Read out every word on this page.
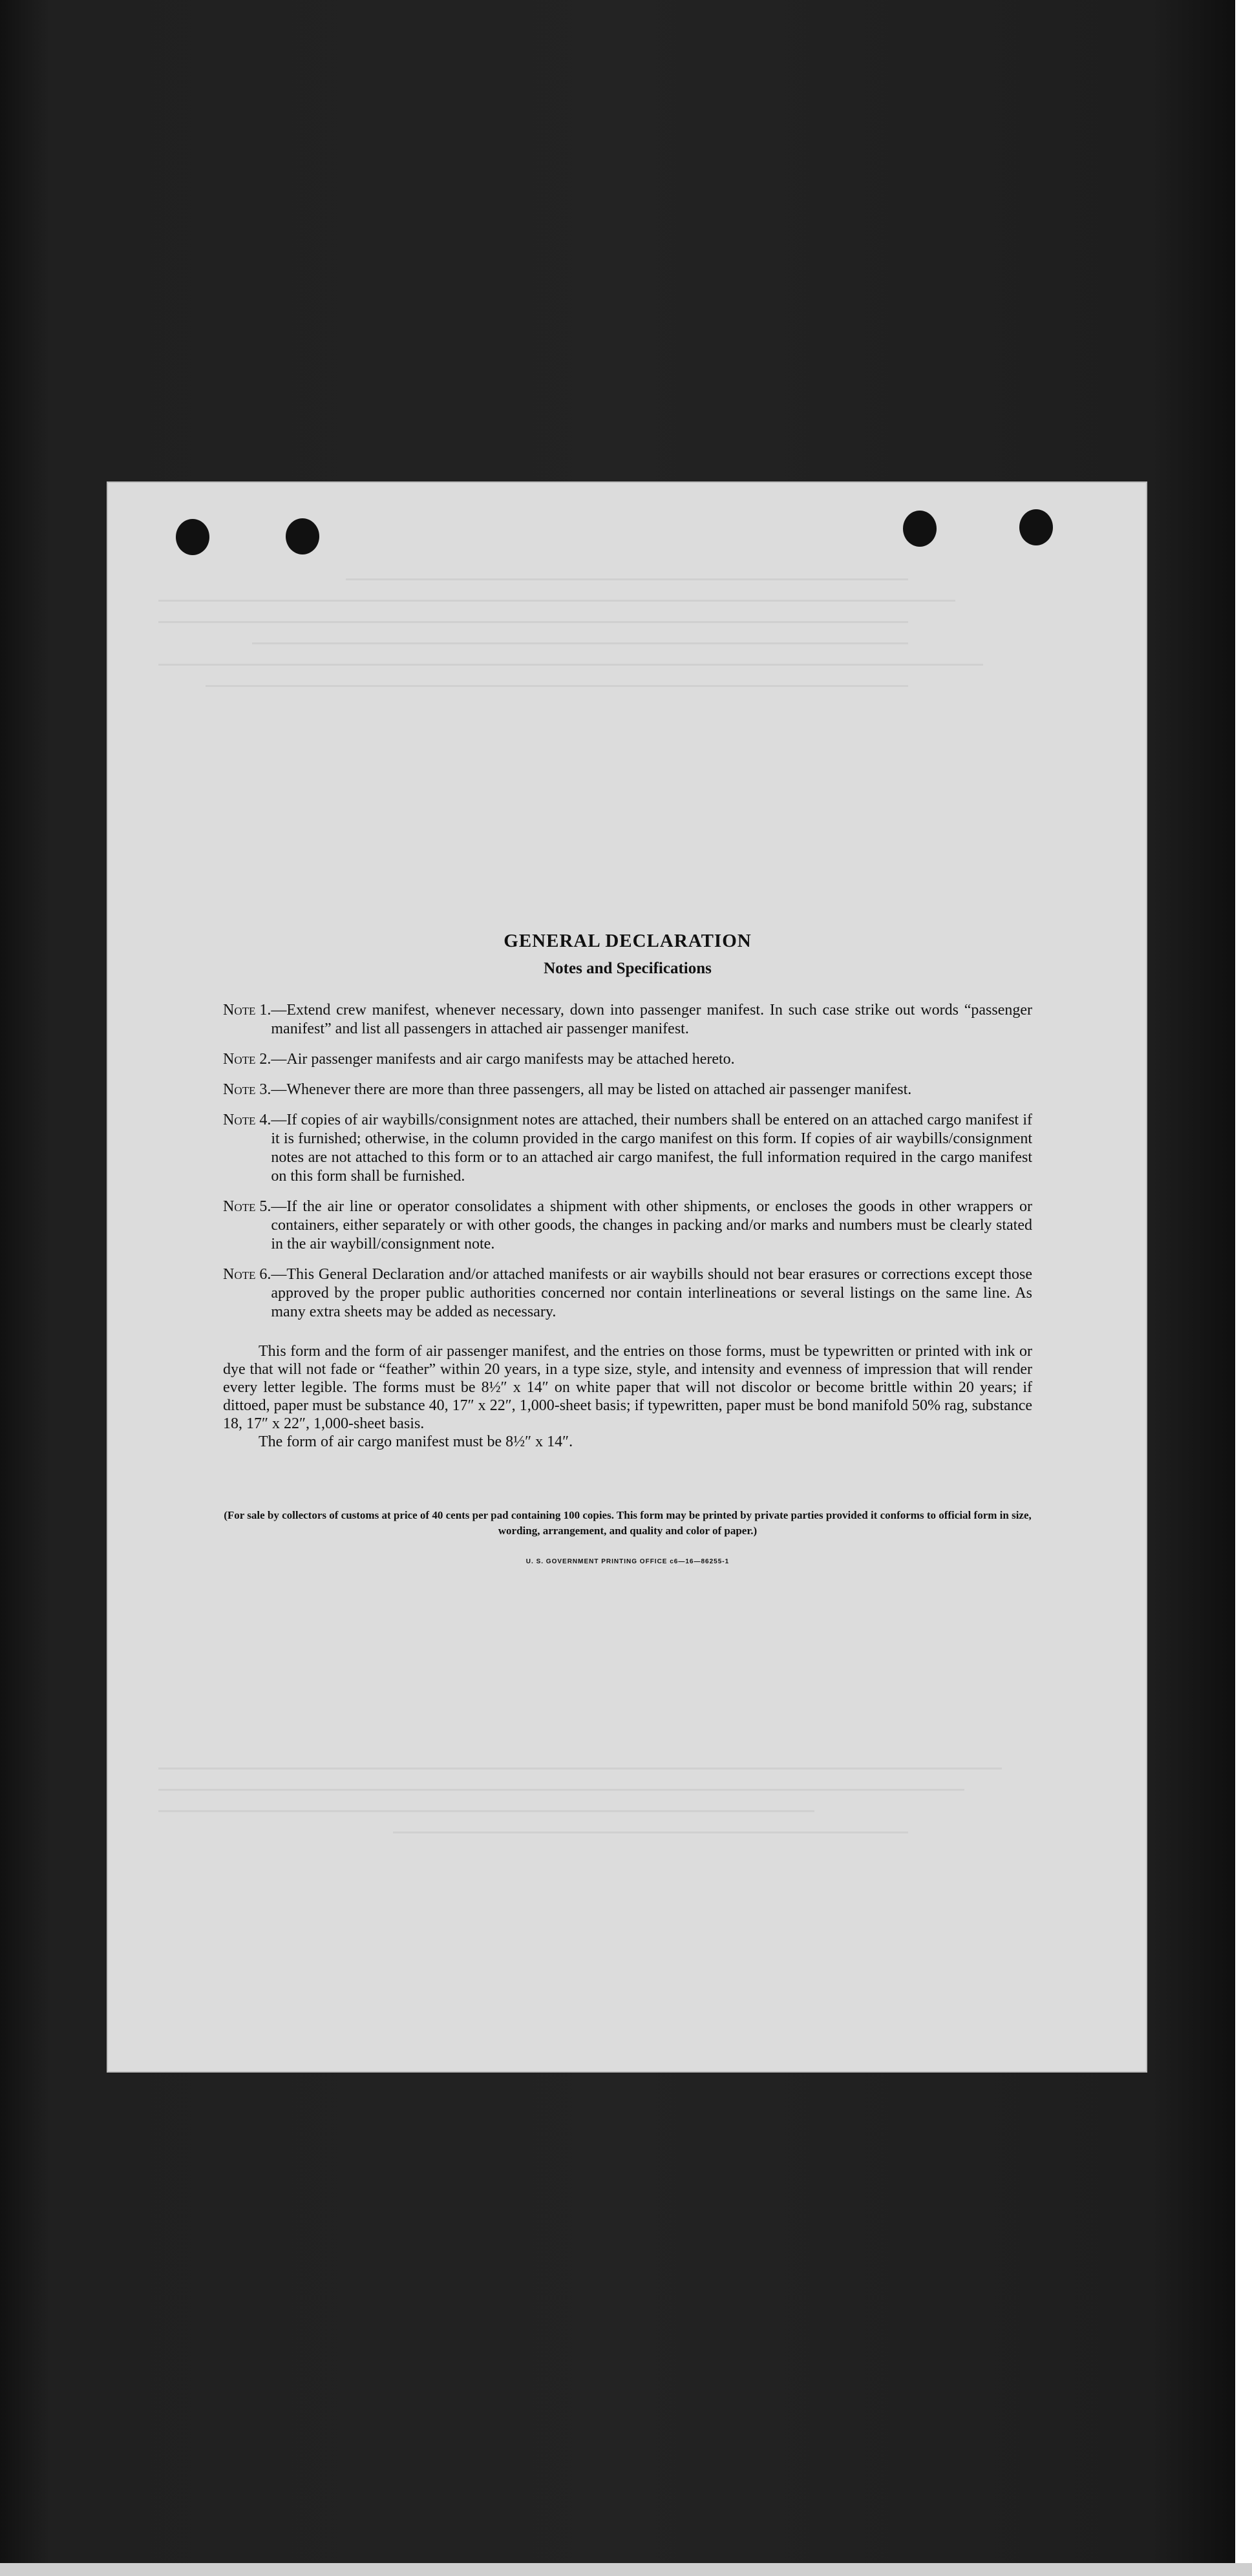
GENERAL DECLARATION
Notes and Specifications
Note 1. —Extend crew manifest, whenever necessary, down into passenger manifest. In such case strike out words “passenger manifest” and list all passengers in attached air passenger manifest.
Note 2. —Air passenger manifests and air cargo manifests may be attached hereto.
Note 3. —Whenever there are more than three passengers, all may be listed on attached air passenger manifest.
Note 4. —If copies of air waybills/consignment notes are attached, their numbers shall be entered on an attached cargo manifest if it is furnished; otherwise, in the column provided in the cargo manifest on this form. If copies of air waybills/consignment notes are not attached to this form or to an attached air cargo manifest, the full information required in the cargo manifest on this form shall be furnished.
Note 5. —If the air line or operator consolidates a shipment with other shipments, or encloses the goods in other wrappers or containers, either separately or with other goods, the changes in packing and/or marks and numbers must be clearly stated in the air waybill/consignment note.
Note 6. —This General Declaration and/or attached manifests or air waybills should not bear erasures or corrections except those approved by the proper public authorities concerned nor contain interlineations or several listings on the same line. As many extra sheets may be added as necessary.

This form and the form of air passenger manifest, and the entries on those forms, must be typewritten or printed with ink or dye that will not fade or “feather” within 20 years, in a type size, style, and intensity and evenness of impression that will render every letter legible. The forms must be 8½″ x 14″ on white paper that will not discolor or become brittle within 20 years; if dittoed, paper must be substance 40, 17″ x 22″, 1,000-sheet basis; if typewritten, paper must be bond manifold 50% rag, substance 18, 17″ x 22″, 1,000-sheet basis.

The form of air cargo manifest must be 8½″ x 14″.

(For sale by collectors of customs at price of 40 cents per pad containing 100 copies. This form may be printed by private parties provided it conforms to official form in size, wording, arrangement, and quality and color of paper.)
U. S. GOVERNMENT PRINTING OFFICE c6—16—86255-1
